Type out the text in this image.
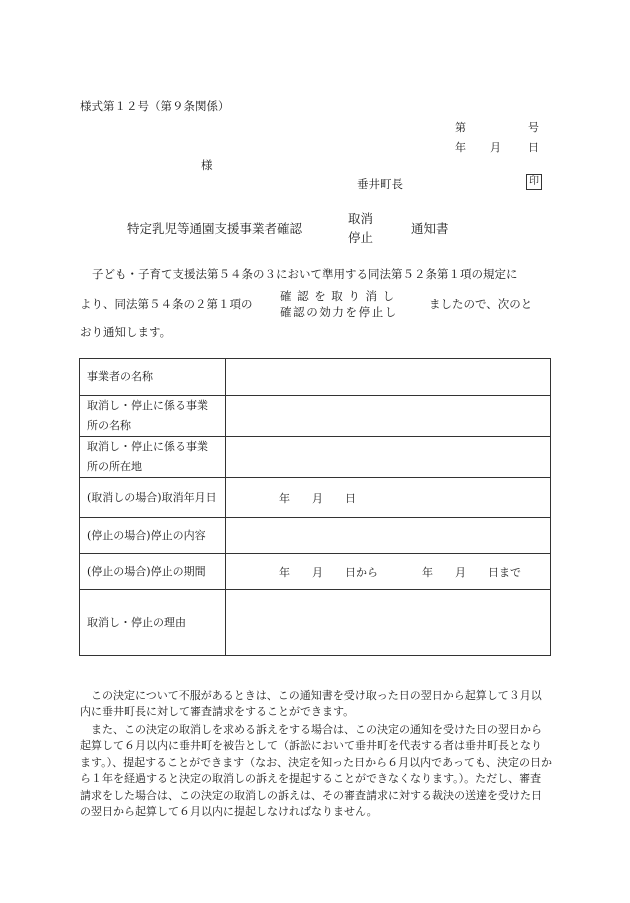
様式第１２号（第９条関係）
第	号
年 月 日
様
垂井町長	印
特定乳児等通園支援事業者確認
取消
停止
通知書
子ども・子育て支援法第５４条の３において準用する同法第５２条第１項の規定に
より、同法第５４条の２第１項の
確認を取り消し
確認の効力を停止し
ましたので、次のと
おり通知します。
事業者の名称	
取消し・停止に係る事業所の名称	
取消し・停止に係る事業所の所在地	
(取消しの場合)取消年月日	年　　月　　日
(停止の場合)停止の内容	
(停止の場合)停止の期間	年　　月　　日から　　　　年　　月　　日まで
取消し・停止の理由	
この決定について不服があるときは、この通知書を受け取った日の翌日から起算して３月以内に垂井町長に対して審査請求をすることができます。
また、この決定の取消しを求める訴えをする場合は、この決定の通知を受けた日の翌日から起算して６月以内に垂井町を被告として（訴訟において垂井町を代表する者は垂井町長となります。）、提起することができます（なお、決定を知った日から６月以内であっても、決定の日から１年を経過すると決定の取消しの訴えを提起することができなくなります。）。ただし、審査請求をした場合は、この決定の取消しの訴えは、その審査請求に対する裁決の送達を受けた日の翌日から起算して６月以内に提起しなければなりません。
